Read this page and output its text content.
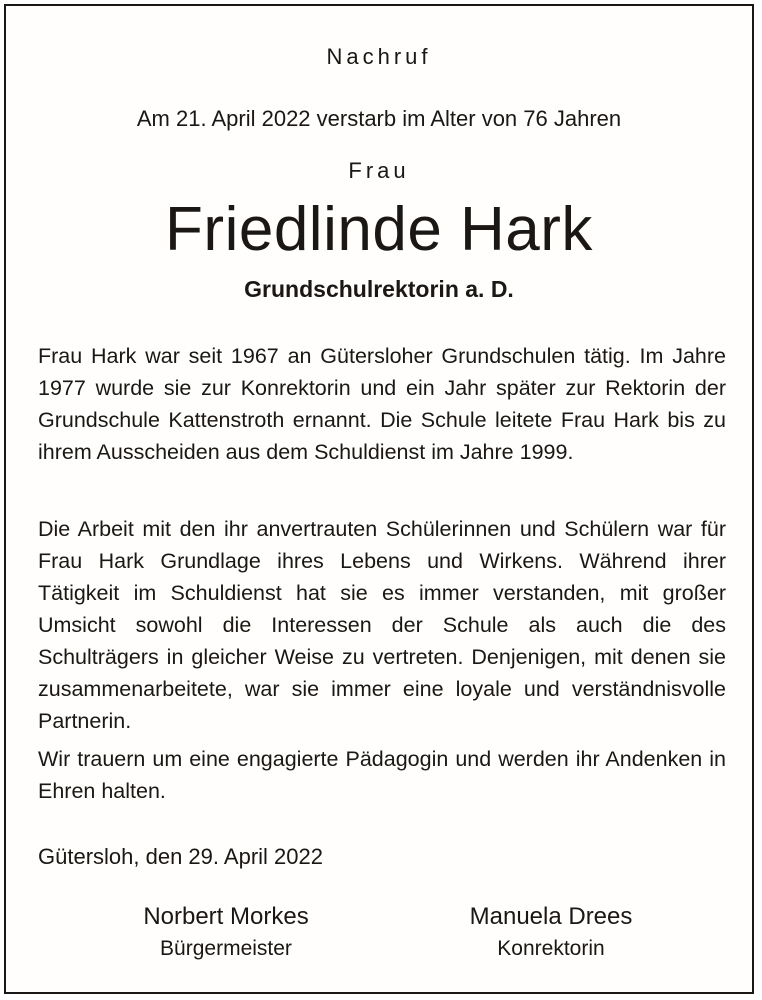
Nachruf
Am 21. April 2022 verstarb im Alter von 76 Jahren
Frau
Friedlinde Hark
Grundschulrektorin a. D.

Frau Hark war seit 1967 an Gütersloher Grundschulen tätig. Im Jahre 1977 wurde sie zur Konrektorin und ein Jahr später zur Rektorin der Grundschule Kattenstroth ernannt. Die Schule leitete Frau Hark bis zu ihrem Ausscheiden aus dem Schuldienst im Jahre 1999.

Die Arbeit mit den ihr anvertrauten Schülerinnen und Schülern war für Frau Hark Grundlage ihres Lebens und Wirkens. Während ihrer Tätigkeit im Schuldienst hat sie es immer verstanden, mit großer Umsicht sowohl die Interessen der Schule als auch die des Schulträgers in gleicher Weise zu vertreten. Denjenigen, mit denen sie zusammenarbeitete, war sie immer eine loyale und verständnisvolle Partnerin.

Wir trauern um eine engagierte Pädagogin und werden ihr Andenken in Ehren halten.

Gütersloh, den 29. April 2022
Norbert Morkes
Bürgermeister
Manuela Drees
Konrektorin
